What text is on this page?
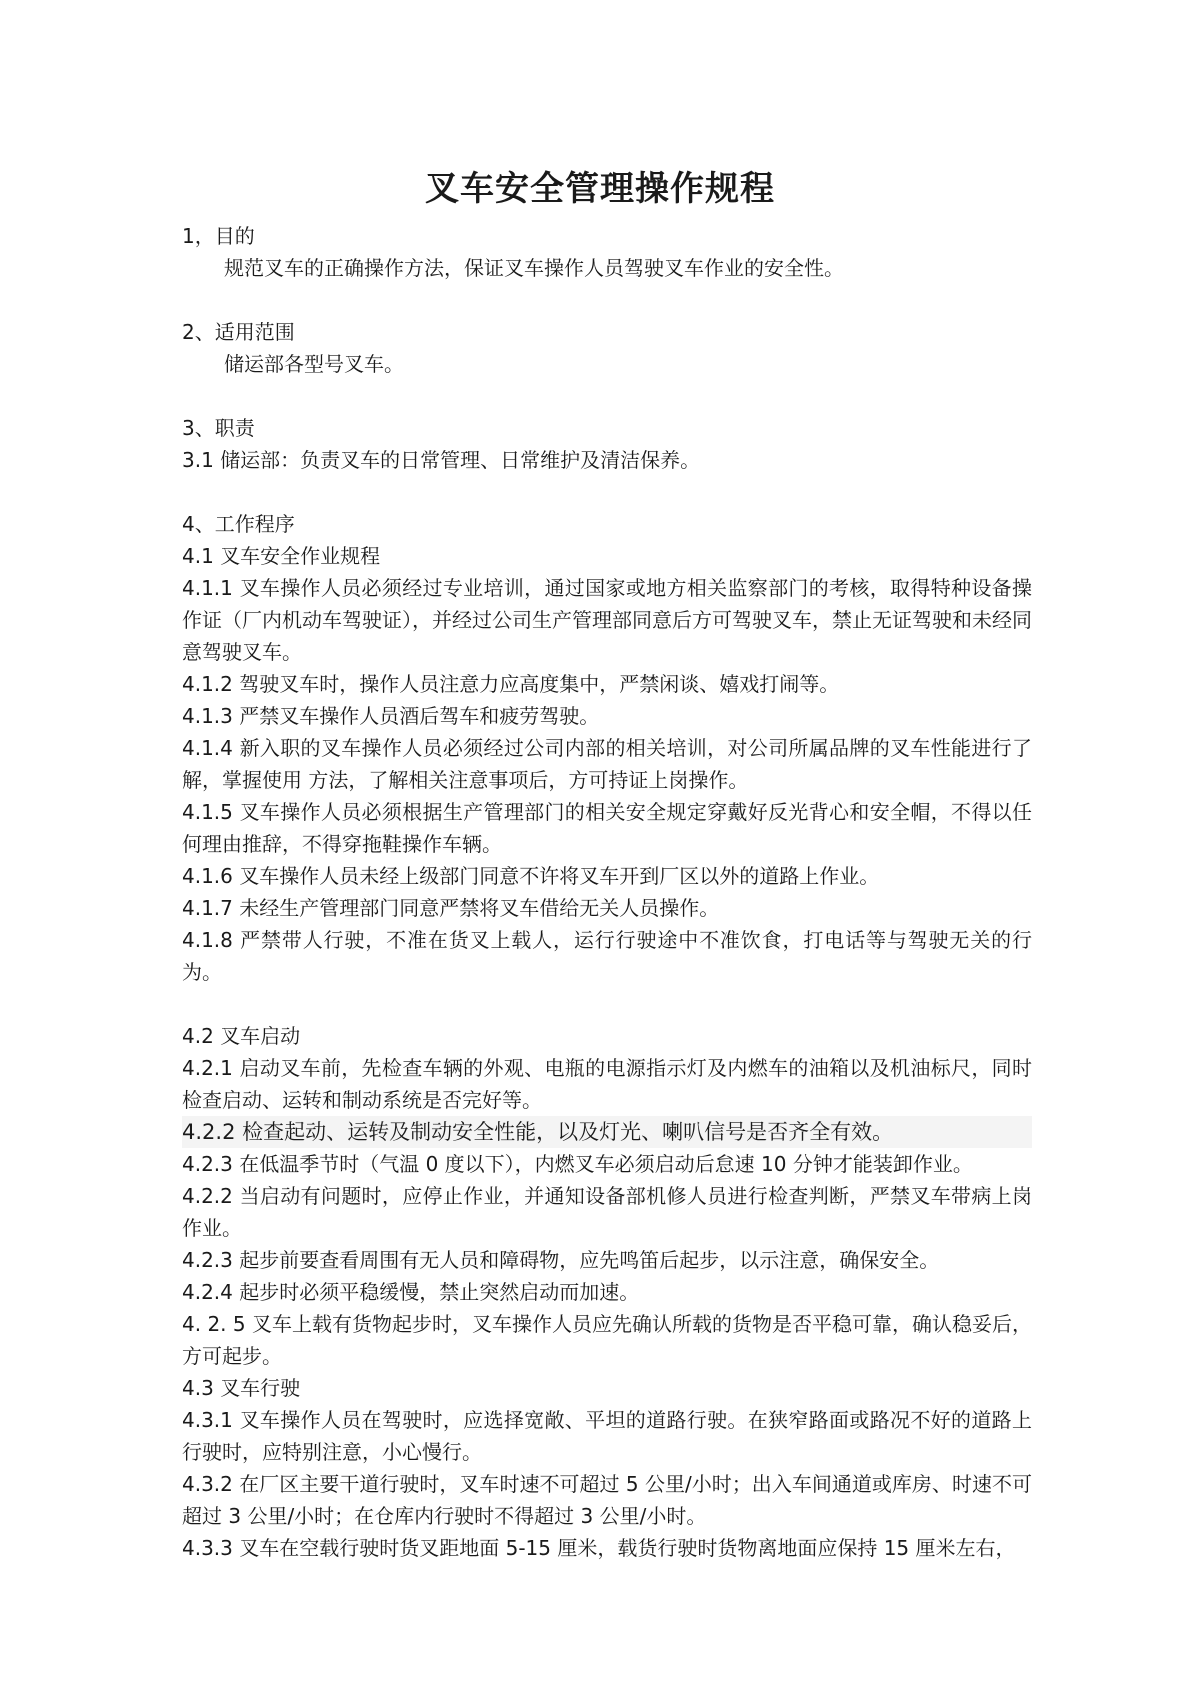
叉车安全管理操作规程

1，目的

规范叉车的正确操作方法，保证叉车操作人员驾驶叉车作业的安全性。

2、适用范围

储运部各型号叉车。

3、职责

3.1 储运部：负责叉车的日常管理、日常维护及清洁保养。

4、工作程序

4.1 叉车安全作业规程

4.1.1 叉车操作人员必须经过专业培训，通过国家或地方相关监察部门的考核，取得特种设备操作证（厂内机动车驾驶证），并经过公司生产管理部同意后方可驾驶叉车，禁止无证驾驶和未经同意驾驶叉车。

4.1.2 驾驶叉车时，操作人员注意力应高度集中，严禁闲谈、嬉戏打闹等。

4.1.3 严禁叉车操作人员酒后驾车和疲劳驾驶。

4.1.4 新入职的叉车操作人员必须经过公司内部的相关培训，对公司所属品牌的叉车性能进行了解，掌握使用 方法，了解相关注意事项后，方可持证上岗操作。

4.1.5 叉车操作人员必须根据生产管理部门的相关安全规定穿戴好反光背心和安全帽，不得以任何理由推辞，不得穿拖鞋操作车辆。

4.1.6 叉车操作人员未经上级部门同意不许将叉车开到厂区以外的道路上作业。

4.1.7 未经生产管理部门同意严禁将叉车借给无关人员操作。

4.1.8 严禁带人行驶，不准在货叉上载人，运行行驶途中不准饮食，打电话等与驾驶无关的行为。

4.2 叉车启动

4.2.1 启动叉车前，先检查车辆的外观、电瓶的电源指示灯及内燃车的油箱以及机油标尺，同时检查启动、运转和制动系统是否完好等。

4.2.2 检查起动、运转及制动安全性能，以及灯光、喇叭信号是否齐全有效。

4.2.3 在低温季节时（气温 0 度以下），内燃叉车必须启动后怠速 10 分钟才能装卸作业。

4.2.2 当启动有问题时，应停止作业，并通知设备部机修人员进行检查判断，严禁叉车带病上岗作业。

4.2.3 起步前要查看周围有无人员和障碍物，应先鸣笛后起步，以示注意，确保安全。

4.2.4 起步时必须平稳缓慢，禁止突然启动而加速。

4. 2. 5 叉车上载有货物起步时，叉车操作人员应先确认所载的货物是否平稳可靠，确认稳妥后，方可起步。

4.3 叉车行驶

4.3.1 叉车操作人员在驾驶时，应选择宽敞、平坦的道路行驶。在狭窄路面或路况不好的道路上行驶时，应特别注意，小心慢行。

4.3.2 在厂区主要干道行驶时，叉车时速不可超过 5 公里/小时；出入车间通道或库房、时速不可超过 3 公里/小时；在仓库内行驶时不得超过 3 公里/小时。

4.3.3 叉车在空载行驶时货叉距地面 5-15 厘米，载货行驶时货物离地面应保持 15 厘米左右，
